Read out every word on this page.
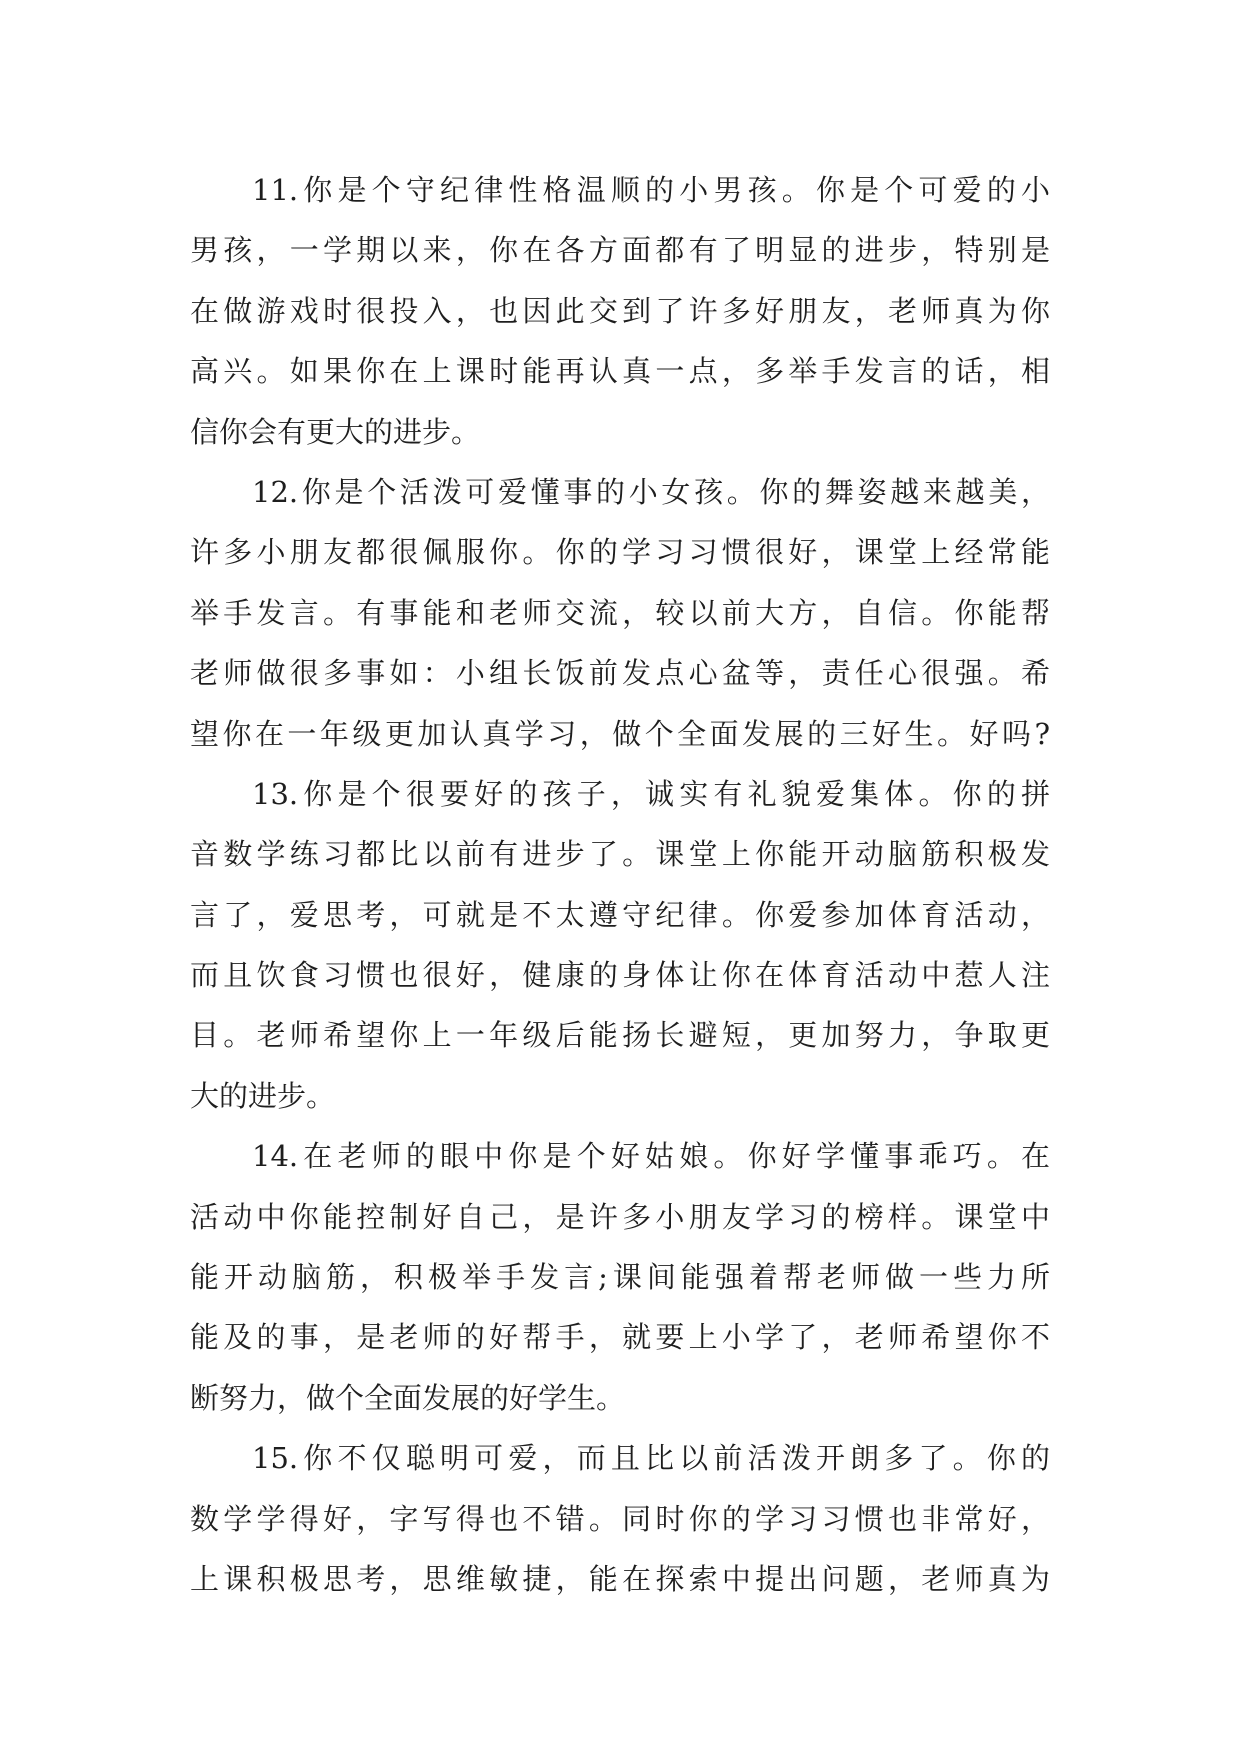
11.你是个守纪律性格温顺的小男孩。你是个可爱的小
男孩，一学期以来，你在各方面都有了明显的进步，特别是
在做游戏时很投入，也因此交到了许多好朋友，老师真为你
高兴。如果你在上课时能再认真一点，多举手发言的话，相
信你会有更大的进步。
12.你是个活泼可爱懂事的小女孩。你的舞姿越来越美，
许多小朋友都很佩服你。你的学习习惯很好，课堂上经常能
举手发言。有事能和老师交流，较以前大方，自信。你能帮
老师做很多事如：小组长饭前发点心盆等，责任心很强。希
望你在一年级更加认真学习，做个全面发展的三好生。好吗?
13.你是个很要好的孩子，诚实有礼貌爱集体。你的拼
音数学练习都比以前有进步了。课堂上你能开动脑筋积极发
言了，爱思考，可就是不太遵守纪律。你爱参加体育活动，
而且饮食习惯也很好，健康的身体让你在体育活动中惹人注
目。老师希望你上一年级后能扬长避短，更加努力，争取更
大的进步。
14.在老师的眼中你是个好姑娘。你好学懂事乖巧。在
活动中你能控制好自己，是许多小朋友学习的榜样。课堂中
能开动脑筋，积极举手发言;课间能强着帮老师做一些力所
能及的事，是老师的好帮手，就要上小学了，老师希望你不
断努力，做个全面发展的好学生。
15.你不仅聪明可爱，而且比以前活泼开朗多了。你的
数学学得好，字写得也不错。同时你的学习习惯也非常好，
上课积极思考，思维敏捷，能在探索中提出问题，老师真为
